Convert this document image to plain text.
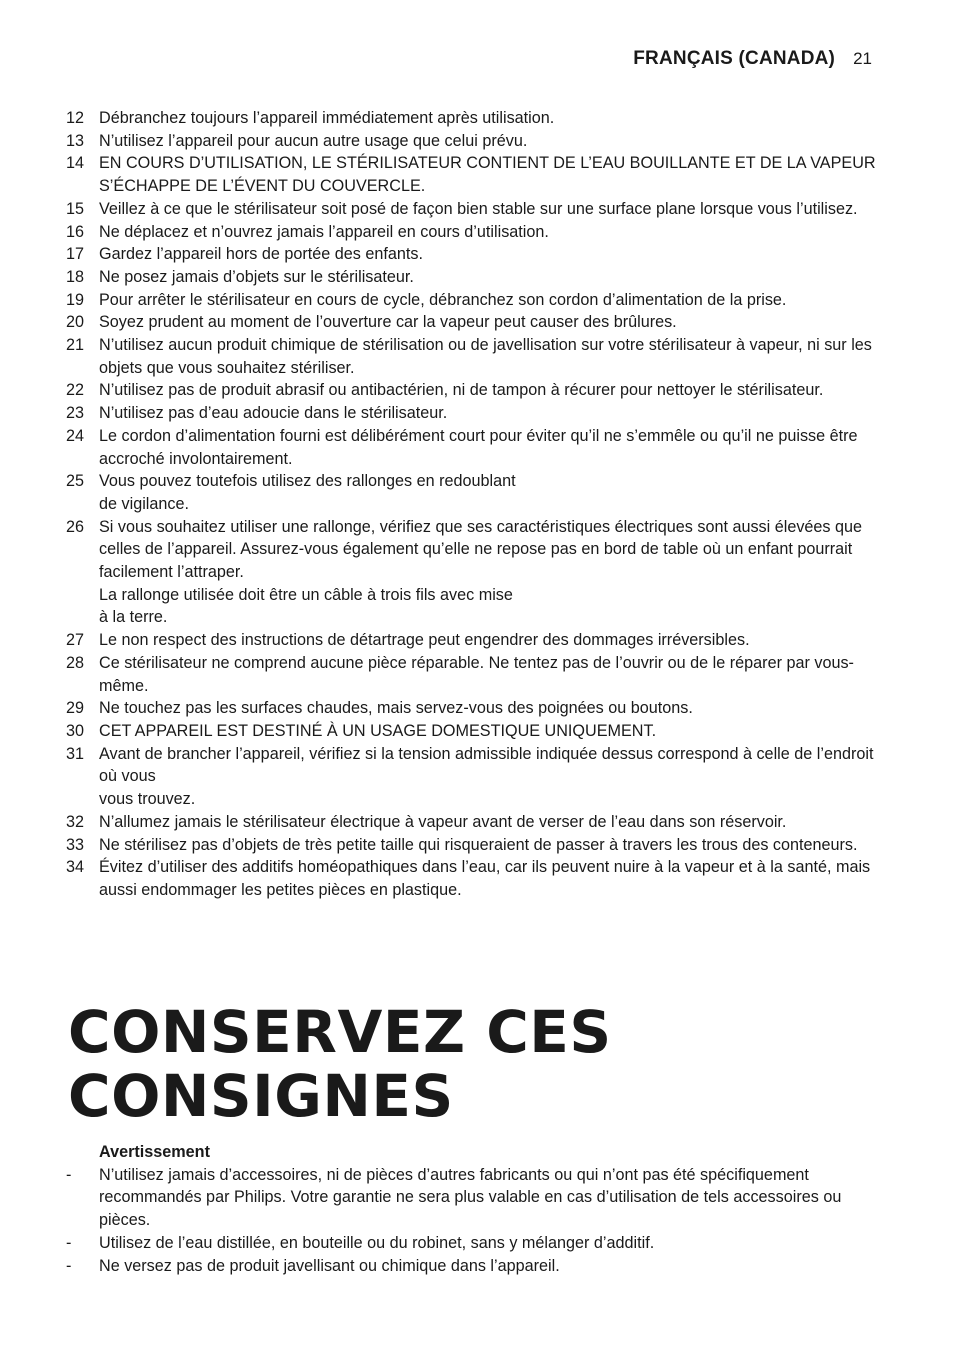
FRANÇAIS (CANADA) 21
12 Débranchez toujours l’appareil immédiatement après utilisation.
13 N’utilisez l’appareil pour aucun autre usage que celui prévu.
14 EN COURS D’UTILISATION, LE STÉRILISATEUR CONTIENT DE L’EAU BOUILLANTE ET DE LA VAPEUR S’ÉCHAPPE DE L’ÉVENT DU COUVERCLE.
15 Veillez à ce que le stérilisateur soit posé de façon bien stable sur une surface plane lorsque vous l’utilisez.
16 Ne déplacez et n’ouvrez jamais l’appareil en cours d’utilisation.
17 Gardez l’appareil hors de portée des enfants.
18 Ne posez jamais d’objets sur le stérilisateur.
19 Pour arrêter le stérilisateur en cours de cycle, débranchez son cordon d’alimentation de la prise.
20 Soyez prudent au moment de l’ouverture car la vapeur peut causer des brûlures.
21 N’utilisez aucun produit chimique de stérilisation ou de javellisation sur votre stérilisateur à vapeur, ni sur les objets que vous souhaitez stériliser.
22 N’utilisez pas de produit abrasif ou antibactérien, ni de tampon à récurer pour nettoyer le stérilisateur.
23 N’utilisez pas d’eau adoucie dans le stérilisateur.
24 Le cordon d’alimentation fourni est délibérément court pour éviter qu’il ne s’emmêle ou qu’il ne puisse être accroché involontairement.
25 Vous pouvez toutefois utilisez des rallonges en redoublant
de vigilance.
26 Si vous souhaitez utiliser une rallonge, vérifiez que ses caractéristiques électriques sont aussi élevées que celles de l’appareil. Assurez-vous également qu’elle ne repose pas en bord de table où un enfant pourrait facilement l’attraper.
La rallonge utilisée doit être un câble à trois fils avec mise
à la terre.
27 Le non respect des instructions de détartrage peut engendrer des dommages irréversibles.
28 Ce stérilisateur ne comprend aucune pièce réparable. Ne tentez pas de l’ouvrir ou de le réparer par vous-même.
29 Ne touchez pas les surfaces chaudes, mais servez-vous des poignées ou boutons.
30 CET APPAREIL EST DESTINÉ À UN USAGE DOMESTIQUE UNIQUEMENT.
31 Avant de brancher l’appareil, vérifiez si la tension admissible indiquée dessus correspond à celle de l’endroit où vous
vous trouvez.
32 N’allumez jamais le stérilisateur électrique à vapeur avant de verser de l’eau dans son réservoir.
33 Ne stérilisez pas d’objets de très petite taille qui risqueraient de passer à travers les trous des conteneurs.
34 Évitez d’utiliser des additifs homéopathiques dans l’eau, car ils peuvent nuire à la vapeur et à la santé, mais aussi endommager les petites pièces en plastique.
CONSERVEZ CES
CONSIGNES
Avertissement
-	N’utilisez jamais d’accessoires, ni de pièces d’autres fabricants ou qui n’ont pas été spécifiquement recommandés par Philips. Votre garantie ne sera plus valable en cas d’utilisation de tels accessoires ou pièces.
-	Utilisez de l’eau distillée, en bouteille ou du robinet, sans y mélanger d’additif.
-	Ne versez pas de produit javellisant ou chimique dans l’appareil.
